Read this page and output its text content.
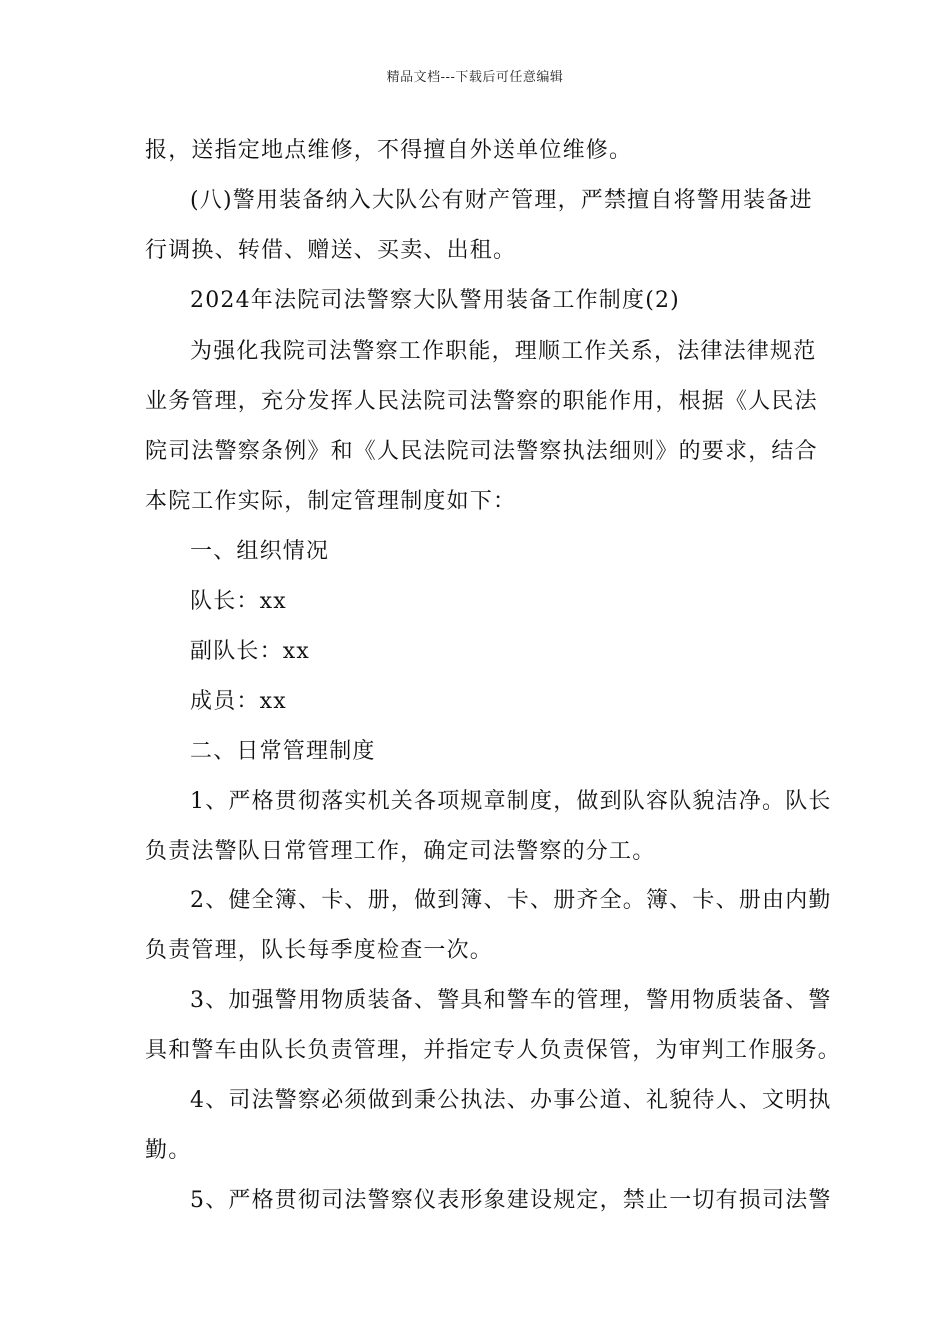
精品文档---下载后可任意编辑
报，送指定地点维修，不得擅自外送单位维修。
(八)警用装备纳入大队公有财产管理，严禁擅自将警用装备进
行调换、转借、赠送、买卖、出租。
2024年法院司法警察大队警用装备工作制度(2)
为强化我院司法警察工作职能，理顺工作关系，法律法律规范
业务管理，充分发挥人民法院司法警察的职能作用，根据《人民法
院司法警察条例》和《人民法院司法警察执法细则》的要求，结合
本院工作实际，制定管理制度如下：
一、组织情况
队长：xx
副队长：xx
成员：xx
二、日常管理制度
1、严格贯彻落实机关各项规章制度，做到队容队貌洁净。队长
负责法警队日常管理工作，确定司法警察的分工。
2、健全簿、卡、册，做到簿、卡、册齐全。簿、卡、册由内勤
负责管理，队长每季度检查一次。
3、加强警用物质装备、警具和警车的管理，警用物质装备、警
具和警车由队长负责管理，并指定专人负责保管，为审判工作服务。
4、司法警察必须做到秉公执法、办事公道、礼貌待人、文明执
勤。
5、严格贯彻司法警察仪表形象建设规定，禁止一切有损司法警
